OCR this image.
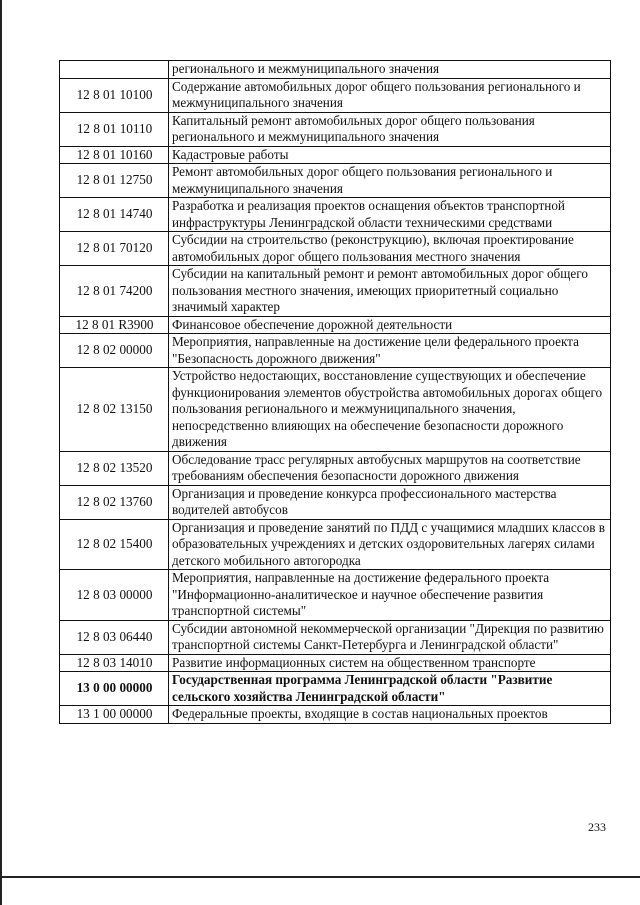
	регионального и межмуниципального значения
12 8 01 10100	Содержание автомобильных дорог общего пользования регионального и межмуниципального значения
12 8 01 10110	Капитальный ремонт автомобильных дорог общего пользования регионального и межмуниципального значения
12 8 01 10160	Кадастровые работы
12 8 01 12750	Ремонт автомобильных дорог общего пользования регионального и межмуниципального значения
12 8 01 14740	Разработка и реализация проектов оснащения объектов транспортной инфраструктуры Ленинградской области техническими средствами
12 8 01 70120	Субсидии на строительство (реконструкцию), включая проектирование автомобильных дорог общего пользования местного значения
12 8 01 74200	Субсидии на капитальный ремонт и ремонт автомобильных дорог общего пользования местного значения, имеющих приоритетный социально значимый характер
12 8 01 R3900	Финансовое обеспечение дорожной деятельности
12 8 02 00000	Мероприятия, направленные на достижение цели федерального проекта "Безопасность дорожного движения"
12 8 02 13150	Устройство недостающих, восстановление существующих и обеспечение функционирования элементов обустройства автомобильных дорогах общего пользования регионального и межмуниципального значения, непосредственно влияющих на обеспечение безопасности дорожного движения
12 8 02 13520	Обследование трасс регулярных автобусных маршрутов на соответствие требованиям обеспечения безопасности дорожного движения
12 8 02 13760	Организация и проведение конкурса профессионального мастерства водителей автобусов
12 8 02 15400	Организация и проведение занятий по ПДД с учащимися младших классов в образовательных учреждениях и детских оздоровительных лагерях силами детского мобильного автогородка
12 8 03 00000	Мероприятия, направленные на достижение федерального проекта "Информационно-аналитическое и научное обеспечение развития транспортной системы"
12 8 03 06440	Субсидии автономной некоммерческой организации "Дирекция по развитию транспортной системы Санкт-Петербурга и Ленинградской области"
12 8 03 14010	Развитие информационных систем на общественном транспорте
13 0 00 00000	Государственная программа Ленинградской области "Развитие сельского хозяйства Ленинградской области"
13 1 00 00000	Федеральные проекты, входящие в состав национальных проектов
233
